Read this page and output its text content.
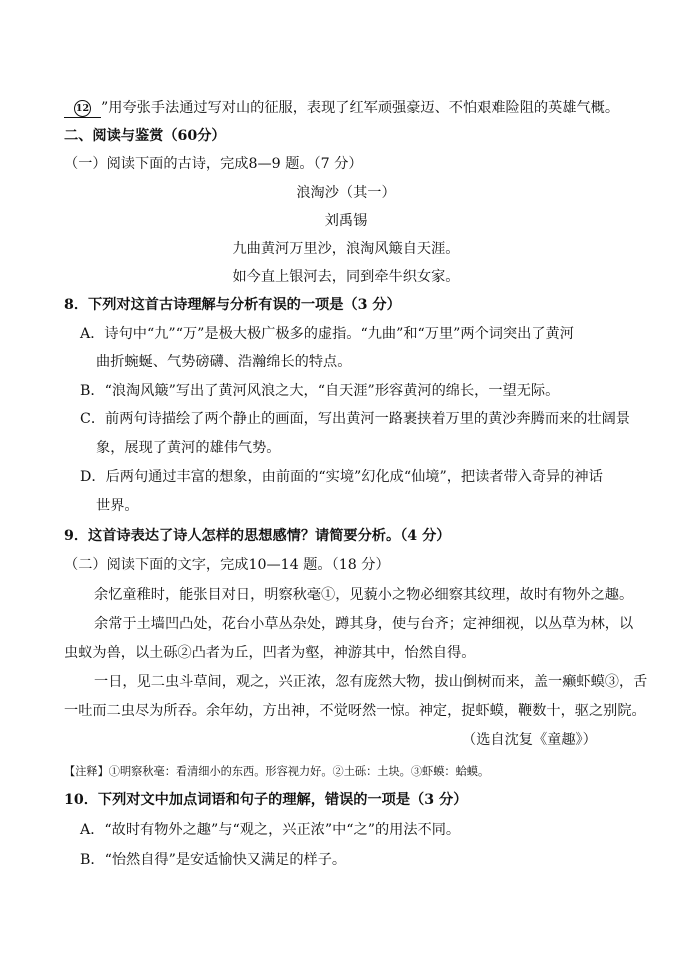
12 ”用夸张手法通过写对山的征服，表现了红军顽强豪迈、不怕艰难险阻的英雄气概。
二、阅读与鉴赏（60分）
（一）阅读下面的古诗，完成8—9 题。（7 分）
浪淘沙（其一）
刘禹锡
九曲黄河万里沙，浪淘风簸自天涯。
如今直上银河去，同到牵牛织女家。
8．下列对这首古诗理解与分析有误的一项是（3 分）
A．诗句中“九”“万”是极大极广极多的虚指。“九曲”和“万里”两个词突出了黄河
曲折蜿蜒、气势磅礴、浩瀚绵长的特点。
B．“浪淘风簸”写出了黄河风浪之大，“自天涯”形容黄河的绵长，一望无际。
C．前两句诗描绘了两个静止的画面，写出黄河一路裹挟着万里的黄沙奔腾而来的壮阔景
象，展现了黄河的雄伟气势。
D．后两句通过丰富的想象，由前面的“实境”幻化成“仙境”，把读者带入奇异的神话
世界。
9．这首诗表达了诗人怎样的思想感情？请简要分析。（4 分）
（二）阅读下面的文字，完成10—14 题。（18 分）
余忆童稚时，能张目对日，明察秋毫①，见藐小之物必细察其纹理，故时有物外之趣。
余常于土墙凹凸处，花台小草丛杂处，蹲其身，使与台齐；定神细视，以丛草为林，以
虫蚁为兽，以土砾②凸者为丘，凹者为壑，神游其中，怡然自得。
一日，见二虫斗草间，观之，兴正浓，忽有庞然大物，拔山倒树而来，盖一癞虾蟆③，舌
一吐而二虫尽为所吞。余年幼，方出神，不觉呀然一惊。神定，捉虾蟆，鞭数十，驱之别院。
（选自沈复《童趣》）
【注释】①明察秋毫：看清细小的东西。形容视力好。②土砾：土块。③虾蟆：蛤蟆。
10．下列对文中加点词语和句子的理解，错误的一项是（3 分）
A．“故时有物外之趣”与“观之，兴正浓”中“之”的用法不同。
B．“怡然自得”是安适愉快又满足的样子。
